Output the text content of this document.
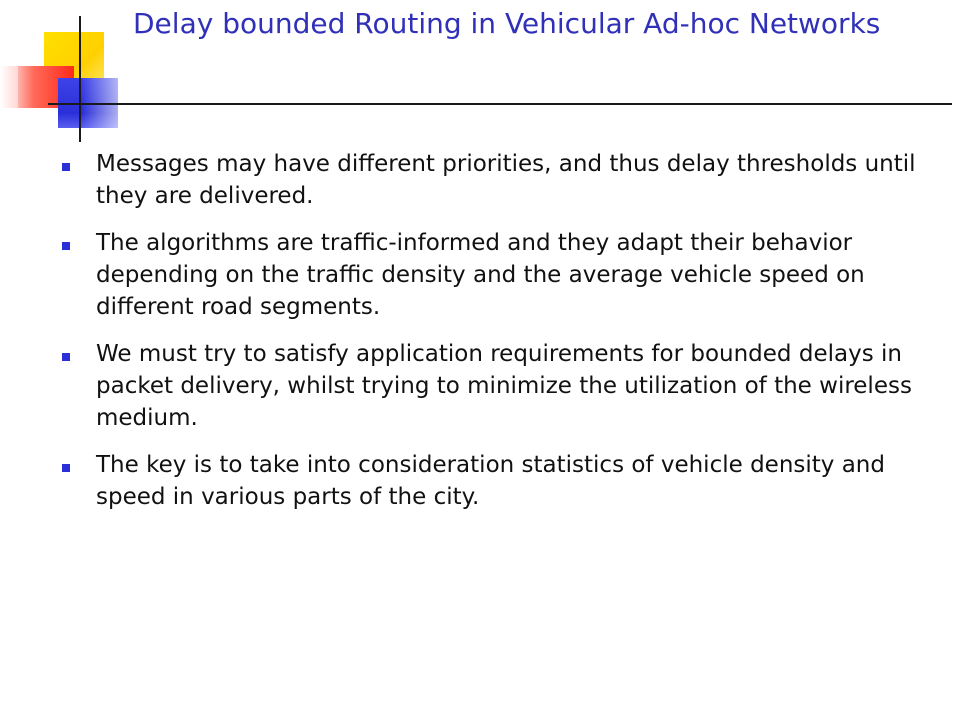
Delay bounded Routing in Vehicular Ad-hoc Networks
Messages may have different priorities, and thus delay thresholds until they are delivered.
The algorithms are traffic-informed and they adapt their behavior depending on the traffic density and the average vehicle speed on different road segments.
We must try to satisfy application requirements for bounded delays in packet delivery, whilst trying to minimize the utilization of the wireless medium.
The key is to take into consideration statistics of vehicle density and speed in various parts of the city.
